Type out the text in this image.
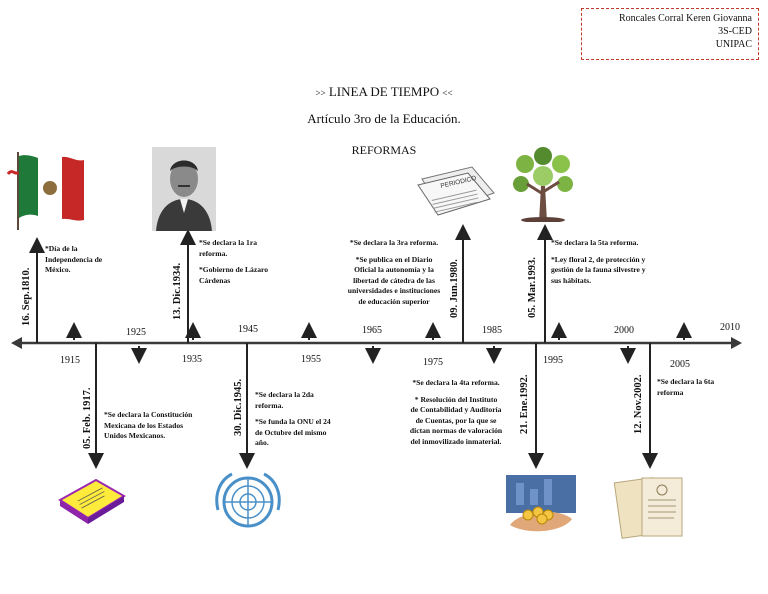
Roncales Corral Keren Giovanna
3S-CED
UNIPAC
>> LINEA DE TIEMPO <<
Artículo 3ro de la Educación.
REFORMAS
1915
1925
1935
1945
1955
1965
1975
1985
1995
2000
2005
2010
16. Sep.1810.
05. Feb. 1917.
13. Dic.1934.
30. Dic.1945.
09. Jun.1980.
21. Ene.1992.
05. Mar.1993.
12. Nov.2002.
*Día de la
Independencia de
México.
*Se declara la Constitución
Mexicana de los Estados
Unidos Mexicanos.

*Se declara la 1ra
reforma.

*Gobierno de Lázaro
Cárdenas

*Se declara la 2da
reforma.

*Se funda la ONU el 24
de Octubre del mismo
año.

*Se declara la 3ra reforma.

*Se publica en el Diario
Oficial la autonomía y la
libertad de cátedra de las
universidades e instituciones
de educación superior

*Se declara la 4ta reforma.

* Resolución del Instituto
de Contabilidad y Auditoría
de Cuentas, por la que se
dictan normas de valoración
del inmovilizado inmaterial.

*Se declara la 5ta reforma.

*Ley floral 2, de protección y
gestión de la fauna silvestre y
sus hábitats.
*Se declara la 6ta
reforma
PERIODICO
